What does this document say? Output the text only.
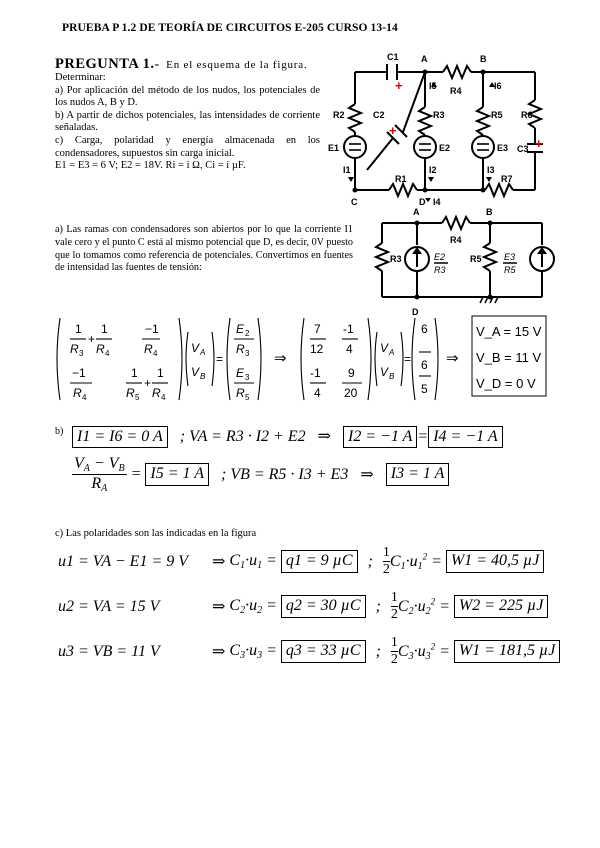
PRUEBA P 1.2 DE TEORÍA DE CIRCUITOS E-205 CURSO 13-14
PREGUNTA 1.- En el esquema de la figura.
Determinar:
a) Por aplicación del método de los nudos, los potenciales de los nudos A, B y D.
b) A partir de dichos potenciales, las intensidades de corriente señaladas.
c) Carga, polaridad y energía almacenada en los condensadores, supuestos sin carga inicial.
E1 = E3 = 6 V; E2 = 18V. Ri = i Ω, Ci = i µF.
+
+
+
C1 A	B
R4
R2	C2
I5
R3
I6
R5 R6
E1	E2	E3 C3
R1
I2	I3
R7
I1
C	D I4
a) Las ramas con condensadores son abiertos por lo que la corriente I1 vale cero y el punto C está al mismo potencial que D, es decir, 0V puesto que lo tomamos como referencia de potenciales. Convertimos en fuentes de intensidad las fuentes de tensión:
A	B
R4
R3	R5
D
E2
R3
E3
R5
1 1	−1
+
R 3 R 4	R 4
−1	1 1
+
R 4	R 5 R 4
V A
V B
=
E 2
R 3
E 3
R 5
⇒
7
12
-1
4
-1
4
9
20
V A
V B
=
6
6
5
⇒
V_A = 15 V
V_B = 11 V
V_D = 0 V
b) I1 = I6 = 0 A ; VA = R3 · I2 + E2 ⇒ I2 = −1 A = I4 = −1 A
$\frac{V_A - V_B}{R_A} = I5 = 1$ A ; VB = R5 · I3 + E3 ⇒ I3 = 1 A
c) Las polaridades son las indicadas en la figura
u1 = VA − E1 = 9 V ⇒ $C_1\cdot u_1 = q1 = 9$ µC ; $\frac{1}{2} C_1\cdot u_1^2 = W1 = 40,5$ µJ
u2 = VA = 15 V	⇒ $C_2\cdot u_2 = q2 = 30$ µC ; $\frac{1}{2} C_2\cdot u_2^2 = W2 = 225$ µJ
u3 = VB = 11 V	⇒ $C_3\cdot u_3 = q3 = 33$ µC ; $\frac{1}{2} C_3\cdot u_3^2 = W1 = 181,5$ µJ
